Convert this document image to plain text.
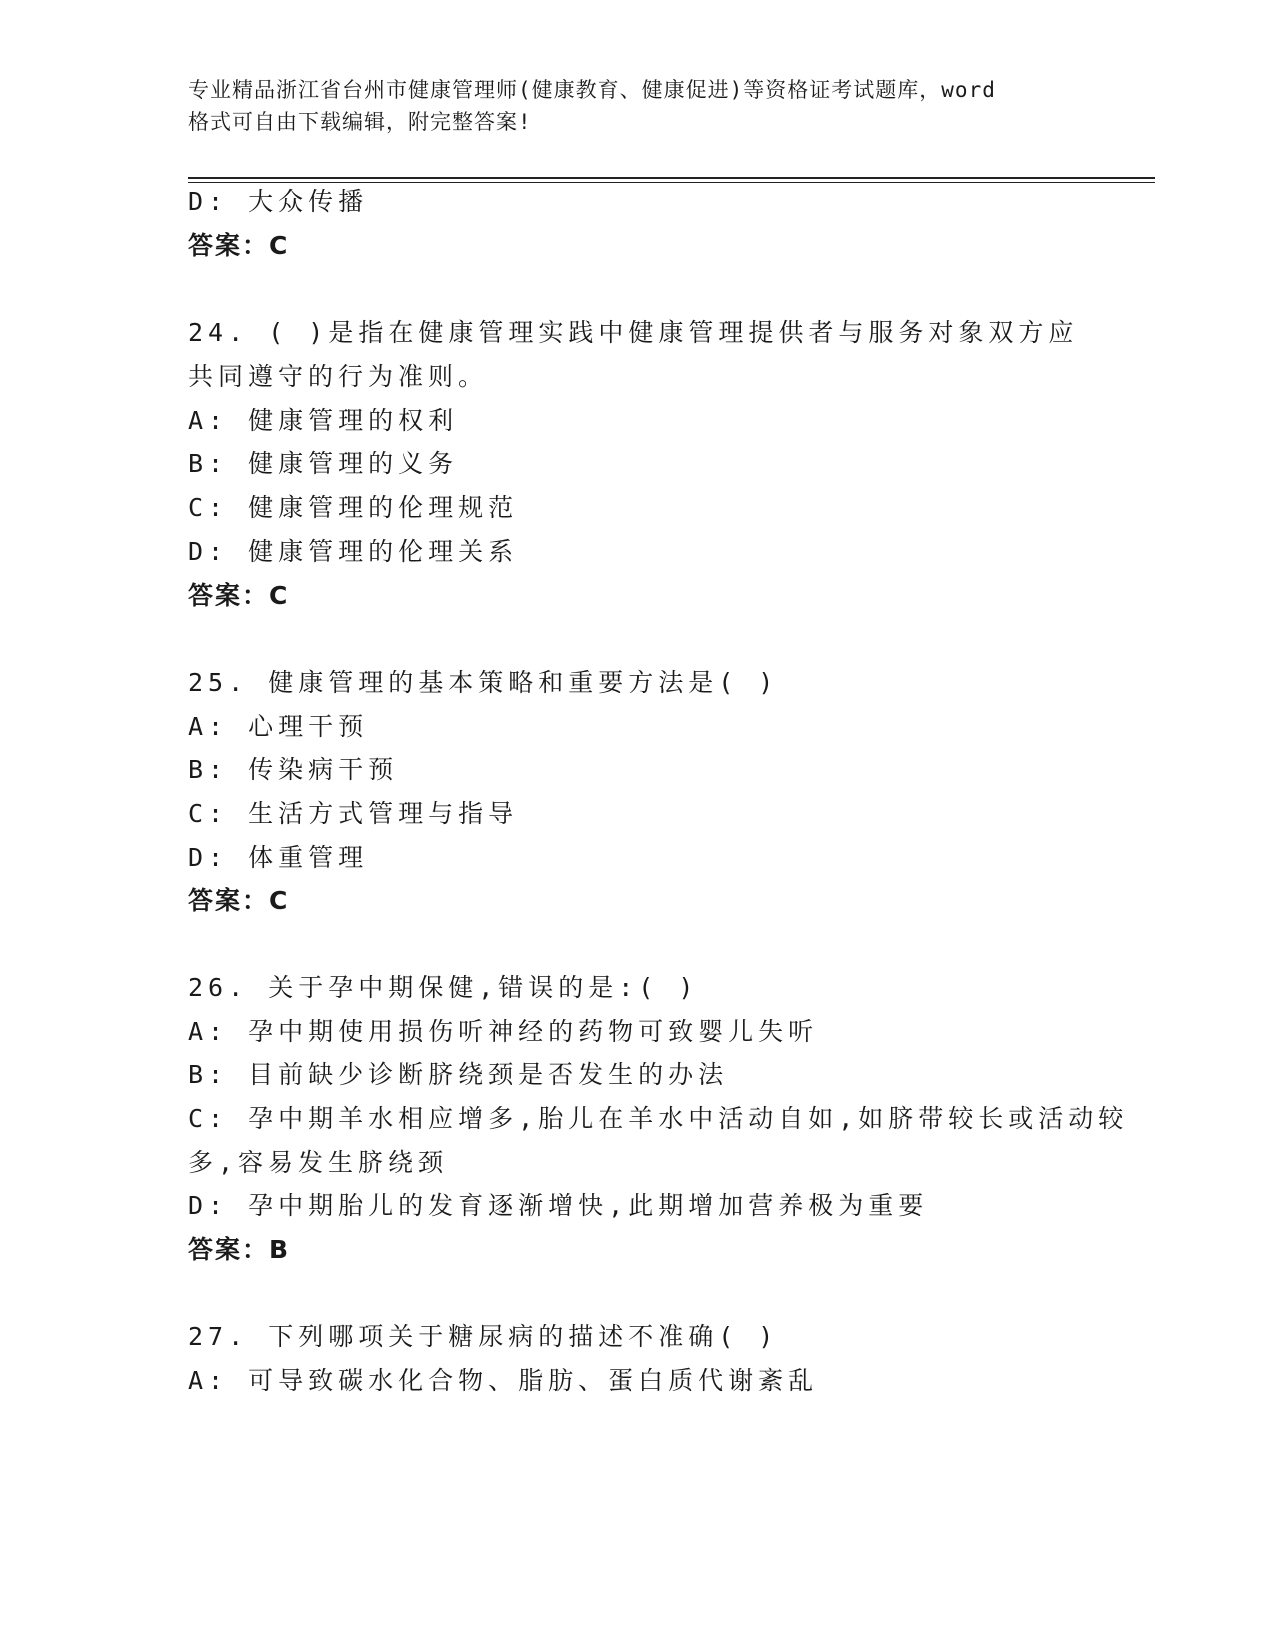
专业精品浙江省台州市健康管理师(健康教育、健康促进)等资格证考试题库，word
格式可自由下载编辑，附完整答案!
D: 大众传播
答案：C
24. ( )是指在健康管理实践中健康管理提供者与服务对象双方应
共同遵守的行为准则。
A: 健康管理的权利
B: 健康管理的义务
C: 健康管理的伦理规范
D: 健康管理的伦理关系
答案：C
25. 健康管理的基本策略和重要方法是( )
A: 心理干预
B: 传染病干预
C: 生活方式管理与指导
D: 体重管理
答案：C
26. 关于孕中期保健,错误的是:( )
A: 孕中期使用损伤听神经的药物可致婴儿失听
B: 目前缺少诊断脐绕颈是否发生的办法
C: 孕中期羊水相应增多,胎儿在羊水中活动自如,如脐带较长或活动较
多,容易发生脐绕颈
D: 孕中期胎儿的发育逐渐增快,此期增加营养极为重要
答案：B
27. 下列哪项关于糖尿病的描述不准确( )
A: 可导致碳水化合物、脂肪、蛋白质代谢紊乱
